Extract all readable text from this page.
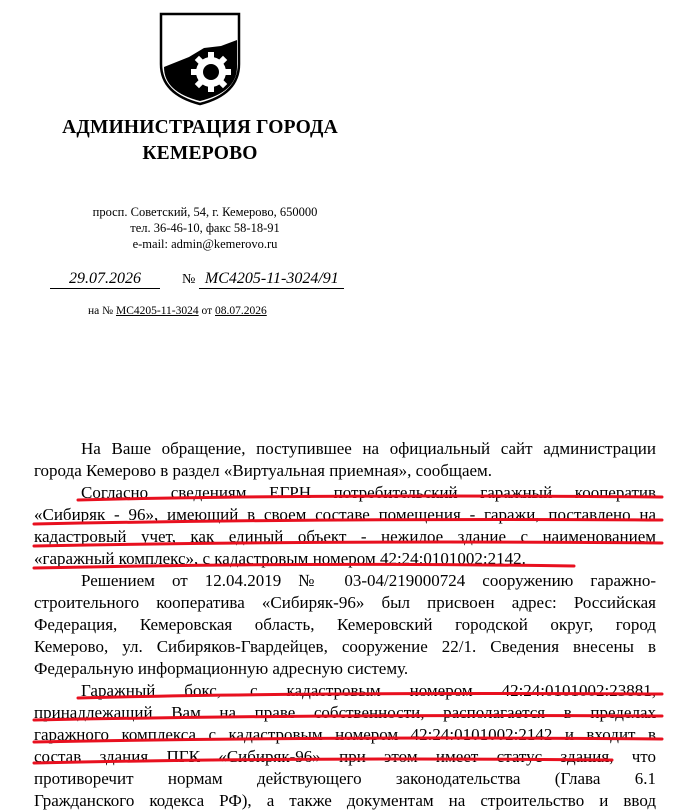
АДМИНИСТРАЦИЯ ГОРОДА
КЕМЕРОВО
просп. Советский, 54, г. Кемерово, 650000
тел. 36-46-10, факс 58-18-91
e-mail: admin@kemerovo.ru
29.07.2026	№ МС4205-11-3024/91
на № МС4205-11-3024 от 08.07.2026
На Ваше обращение, поступившее на официальный сайт администрации
города Кемерово в раздел «Виртуальная приемная», сообщаем.
Согласно сведениям ЕГРН потребительский гаражный кооператив
«Сибиряк - 96», имеющий в своем составе помещения - гаражи, поставлено на
кадастровый учет, как единый объект - нежилое здание с наименованием
«гаражный комплекс», с кадастровым номером 42:24:0101002:2142.
Решением от 12.04.2019 № 03-04/219000724 сооружению гаражно-
строительного кооператива «Сибиряк-96» был присвоен адрес: Российская
Федерация, Кемеровская область, Кемеровский городской округ, город
Кемерово, ул. Сибиряков-Гвардейцев, сооружение 22/1. Сведения внесены в
Федеральную информационную адресную систему.
Гаражный бокс, с кадастровым номером 42:24:0101002:23881,
принадлежащий Вам на праве собственности, располагается в пределах
гаражного комплекса с кадастровым номером 42:24:0101002:2142 и входит в
состав здания ПГК «Сибиряк-96» при этом имеет статус здания, что
противоречит нормам действующего законодательства (Глава 6.1
Гражданского кодекса РФ), а также документам на строительство и ввод
